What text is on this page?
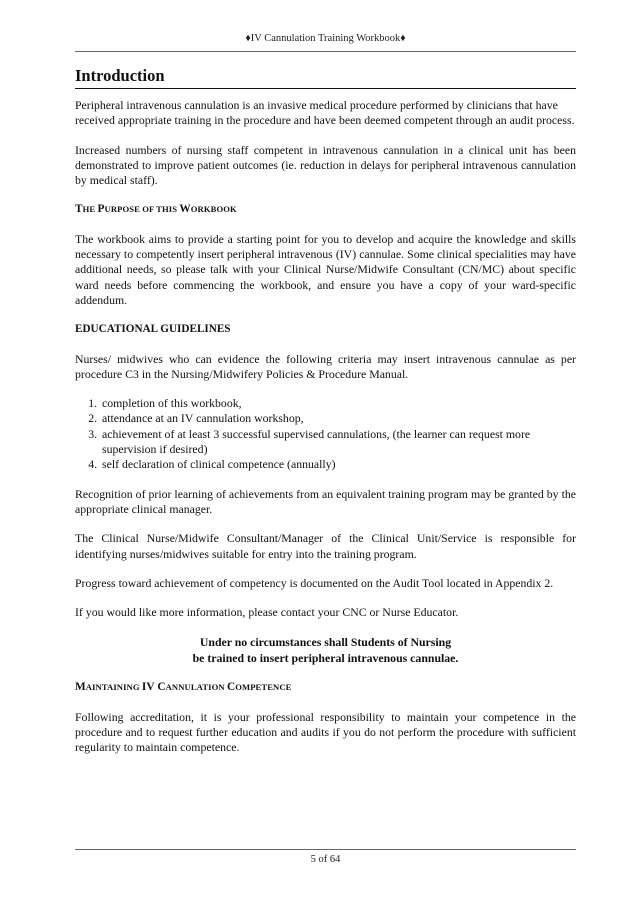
♦IV Cannulation Training Workbook♦
Introduction

Peripheral intravenous cannulation is an invasive medical procedure performed by clinicians that have received appropriate training in the procedure and have been deemed competent through an audit process.

Increased numbers of nursing staff competent in intravenous cannulation in a clinical unit has been demonstrated to improve patient outcomes (ie. reduction in delays for peripheral intravenous cannulation by medical staff).

THE PURPOSE OF THIS WORKBOOK

The workbook aims to provide a starting point for you to develop and acquire the knowledge and skills necessary to competently insert peripheral intravenous (IV) cannulae. Some clinical specialities may have additional needs, so please talk with your Clinical Nurse/Midwife Consultant (CN/MC) about specific ward needs before commencing the workbook, and ensure you have a copy of your ward-specific addendum.

EDUCATIONAL GUIDELINES

Nurses/ midwives who can evidence the following criteria may insert intravenous cannulae as per procedure C3 in the Nursing/Midwifery Policies & Procedure Manual.

1. completion of this workbook,
2. attendance at an IV cannulation workshop,
3. achievement of at least 3 successful supervised cannulations, (the learner can request more supervision if desired)
4. self declaration of clinical competence (annually)

Recognition of prior learning of achievements from an equivalent training program may be granted by the appropriate clinical manager.

The Clinical Nurse/Midwife Consultant/Manager of the Clinical Unit/Service is responsible for identifying nurses/midwives suitable for entry into the training program.

Progress toward achievement of competency is documented on the Audit Tool located in Appendix 2.

If you would like more information, please contact your CNC or Nurse Educator.

Under no circumstances shall Students of Nursing
be trained to insert peripheral intravenous cannulae.
MAINTAINING IV CANNULATION COMPETENCE

Following accreditation, it is your professional responsibility to maintain your competence in the procedure and to request further education and audits if you do not perform the procedure with sufficient regularity to maintain competence.

5 of 64
